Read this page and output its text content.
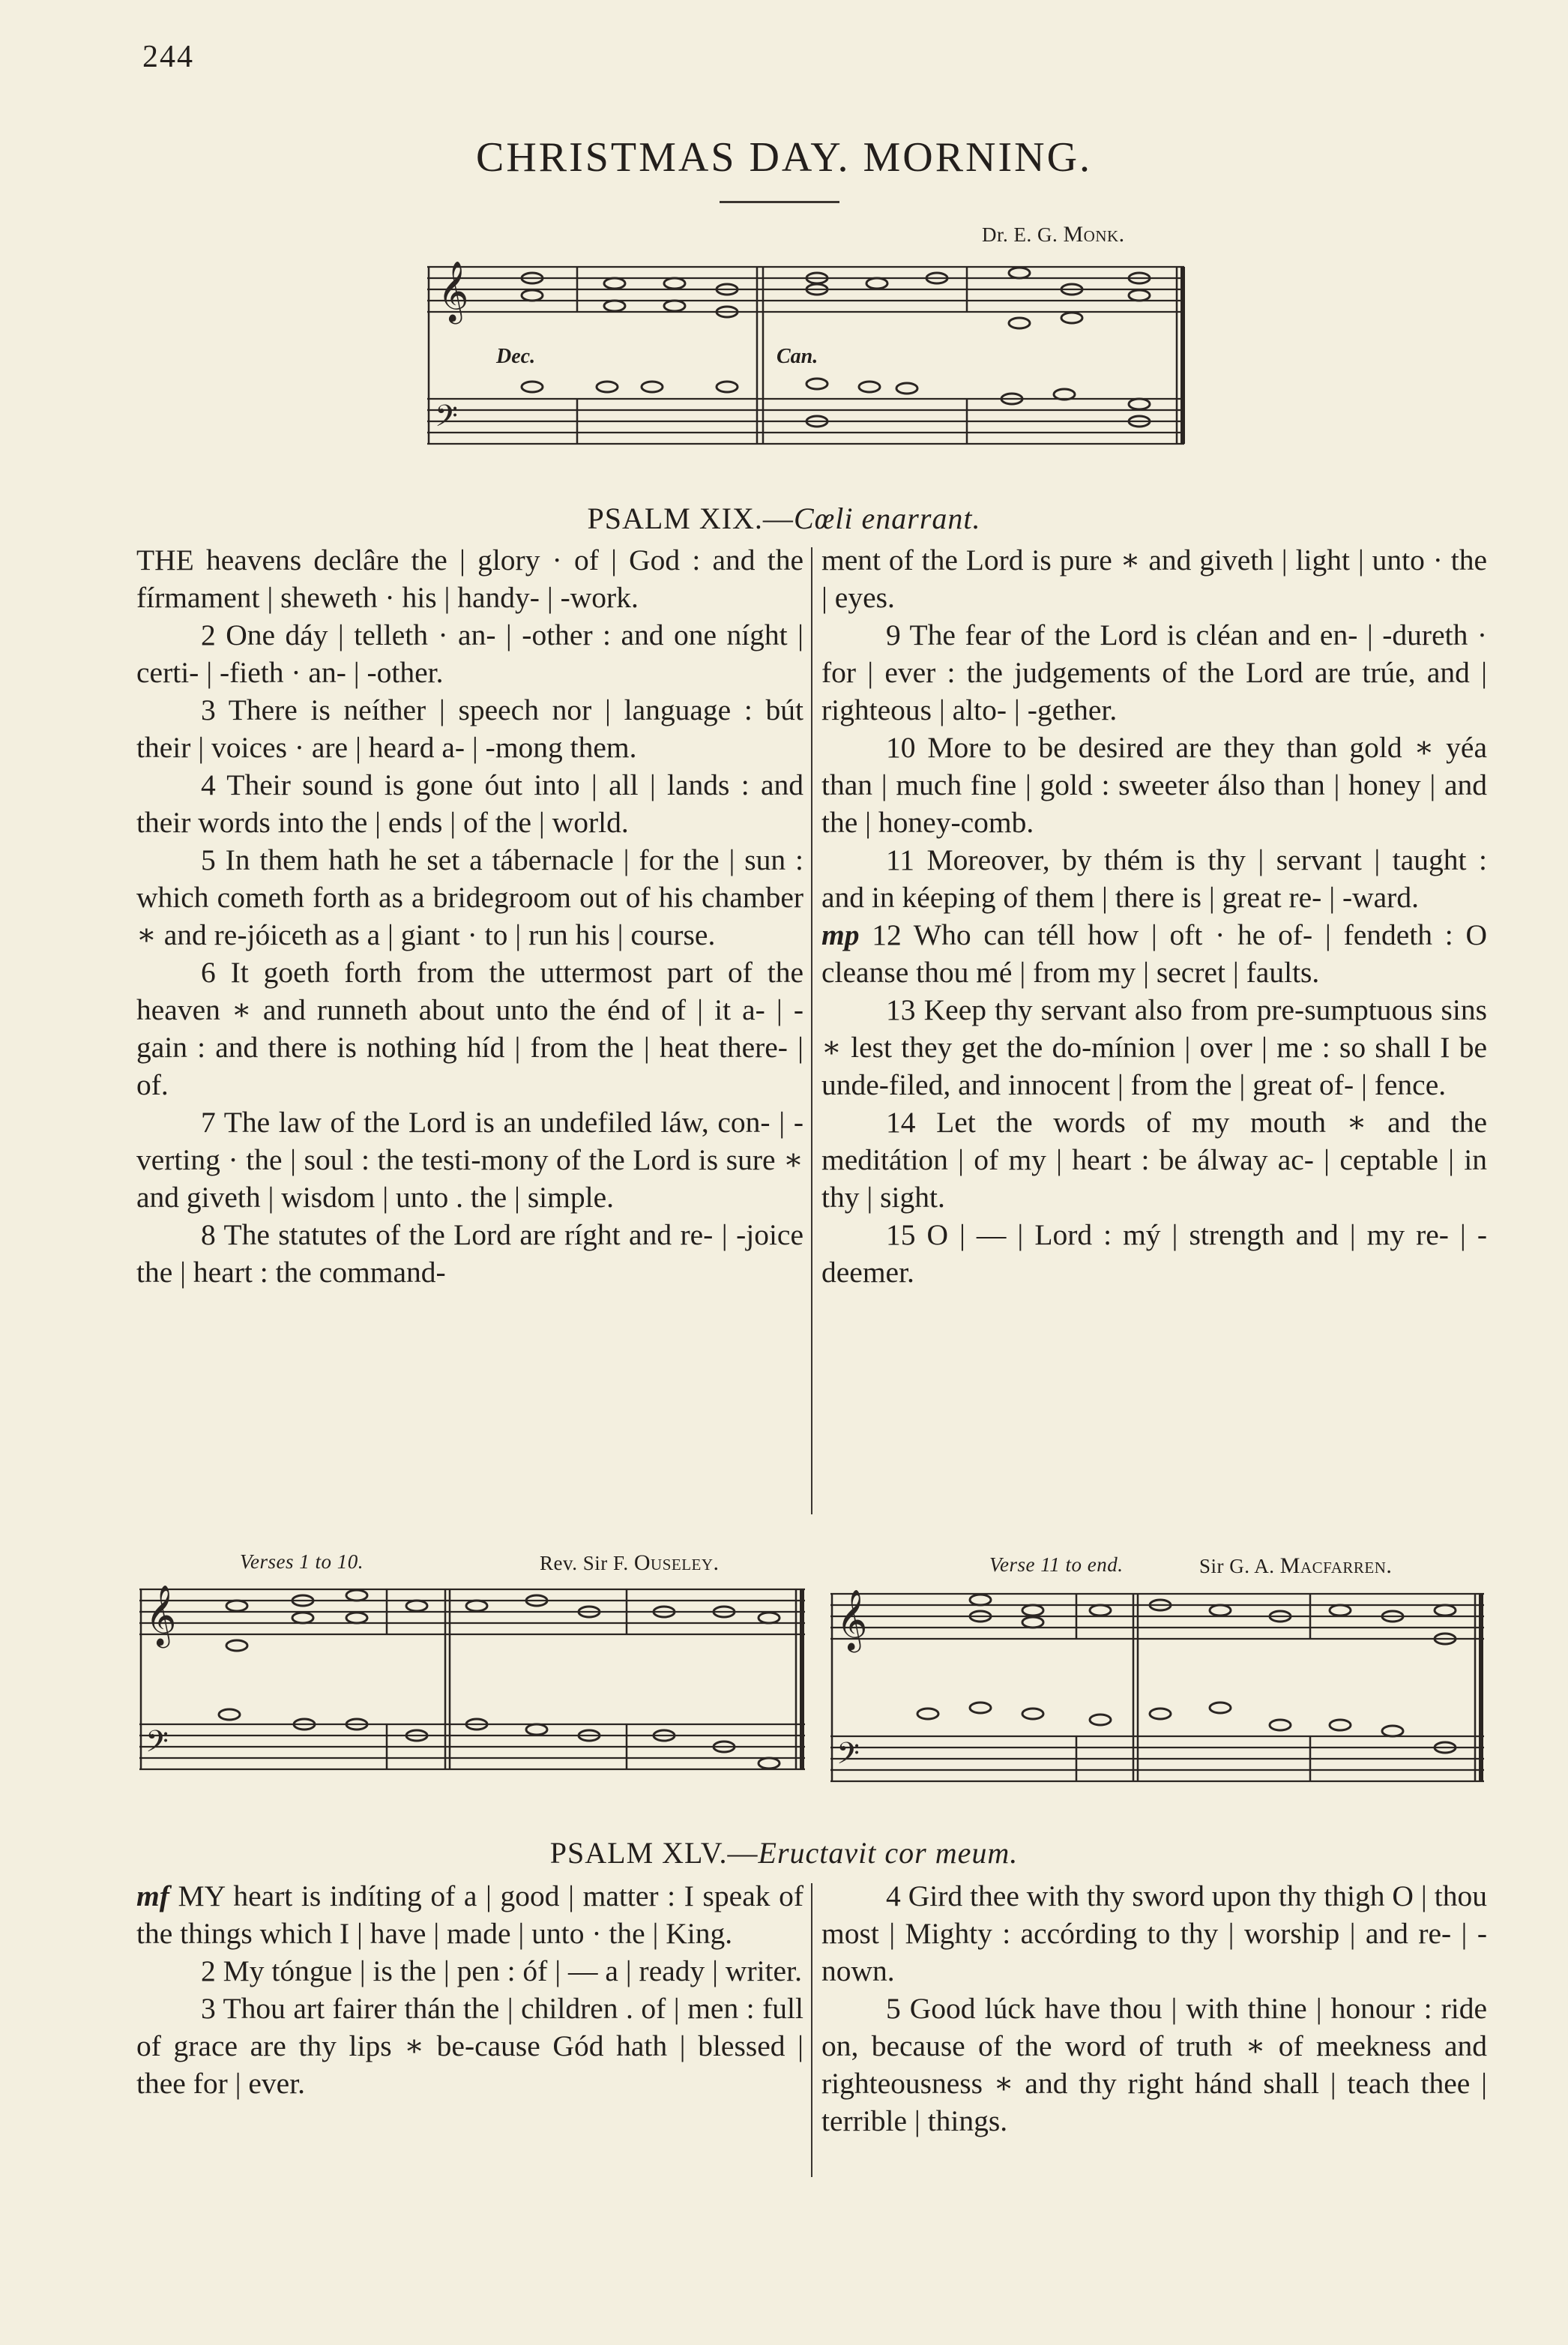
244
CHRISTMAS DAY. MORNING.
Dr. E. G. Monk.
𝄞
𝄢
Dec.	Can.
PSALM XIX.—Cœli enarrant.

THE heavens declâre the | glory · of | God : and the fírmament | sheweth · his | handy- | -work.

2 One dáy | telleth · an- | -other : and one níght | certi- | -fieth · an- | -other.

3 There is neíther | speech nor | language : bút their | voices · are | heard a- | -mong them.

4 Their sound is gone óut into | all | lands : and their words into the | ends | of the | world.

5 In them hath he set a tábernacle | for the | sun : which cometh forth as a bridegroom out of his chamber ∗ and re-jóiceth as a | giant · to | run his | course.

6 It goeth forth from the uttermost part of the heaven ∗ and runneth about unto the énd of | it a- | -gain : and there is nothing híd | from the | heat there- | of.

7 The law of the Lord is an undefiled láw, con- | -verting · the | soul : the testi-mony of the Lord is sure ∗ and giveth | wisdom | unto . the | simple.

8 The statutes of the Lord are ríght and re- | -joice the | heart : the command-

ment of the Lord is pure ∗ and giveth | light | unto · the | eyes.

9 The fear of the Lord is cléan and en- | -dureth · for | ever : the judgements of the Lord are trúe, and | righteous | alto- | -gether.

10 More to be desired are they than gold ∗ yéa than | much fine | gold : sweeter álso than | honey | and the | honey-comb.

11 Moreover, by thém is thy | servant | taught : and in kéeping of them | there is | great re- | -ward.

mp 12 Who can téll how | oft · he of- | fendeth : O cleanse thou mé | from my | secret | faults.

13 Keep thy servant also from pre-sumptuous sins ∗ lest they get the do-mínion | over | me : so shall I be unde-filed, and innocent | from the | great of- | fence.

14 Let the words of my mouth ∗ and the meditátion | of my | heart : be álway ac- | ceptable | in thy | sight.

15 O | — | Lord : mý | strength and | my re- | -deemer.

Verses 1 to 10.	Rev. Sir F. Ouseley.
𝄞
𝄢
Verse 11 to end.	Sir G. A. Macfarren.
𝄞
𝄢
PSALM XLV.—Eructavit cor meum.

mf MY heart is indíting of a | good | matter : I speak of the things which I | have | made | unto · the | King.

2 My tóngue | is the | pen : óf | — a | ready | writer.

3 Thou art fairer thán the | children . of | men : full of grace are thy lips ∗ be-cause Gód hath | blessed | thee for | ever.

4 Gird thee with thy sword upon thy thigh O | thou most | Mighty : accórding to thy | worship | and re- | -nown.

5 Good lúck have thou | with thine | honour : ride on, because of the word of truth ∗ of meekness and righteousness ∗ and thy right hánd shall | teach thee | terrible | things.
